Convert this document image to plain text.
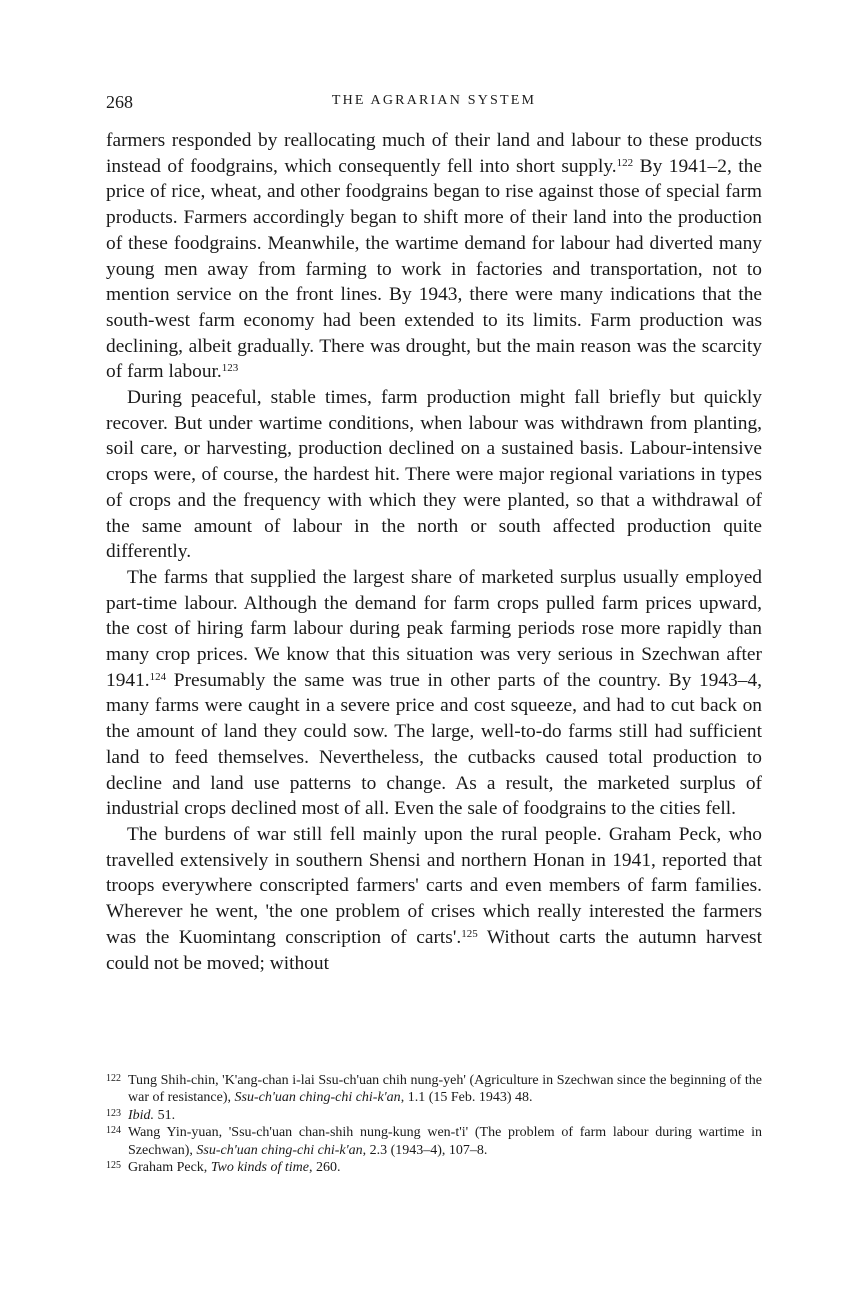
268	THE AGRARIAN SYSTEM

farmers responded by reallocating much of their land and labour to these products instead of foodgrains, which consequently fell into short supply.$^{122}$ By 1941–2, the price of rice, wheat, and other foodgrains began to rise against those of special farm products. Farmers accordingly began to shift more of their land into the production of these foodgrains. Meanwhile, the wartime demand for labour had diverted many young men away from farming to work in factories and transportation, not to mention service on the front lines. By 1943, there were many indications that the south-west farm economy had been extended to its limits. Farm production was declining, albeit gradually. There was drought, but the main reason was the scarcity of farm labour.$^{123}$

During peaceful, stable times, farm production might fall briefly but quickly recover. But under wartime conditions, when labour was withdrawn from planting, soil care, or harvesting, production declined on a sustained basis. Labour-intensive crops were, of course, the hardest hit. There were major regional variations in types of crops and the frequency with which they were planted, so that a withdrawal of the same amount of labour in the north or south affected production quite differently.

The farms that supplied the largest share of marketed surplus usually employed part-time labour. Although the demand for farm crops pulled farm prices upward, the cost of hiring farm labour during peak farming periods rose more rapidly than many crop prices. We know that this situation was very serious in Szechwan after 1941.$^{124}$ Presumably the same was true in other parts of the country. By 1943–4, many farms were caught in a severe price and cost squeeze, and had to cut back on the amount of land they could sow. The large, well-to-do farms still had sufficient land to feed themselves. Nevertheless, the cutbacks caused total production to decline and land use patterns to change. As a result, the marketed surplus of industrial crops declined most of all. Even the sale of foodgrains to the cities fell.

The burdens of war still fell mainly upon the rural people. Graham Peck, who travelled extensively in southern Shensi and northern Honan in 1941, reported that troops everywhere conscripted farmers' carts and even members of farm families. Wherever he went, 'the one problem of crises which really interested the farmers was the Kuomintang conscription of carts'.$^{125}$ Without carts the autumn harvest could not be moved; without

122 Tung Shih-chin, 'K'ang-chan i-lai Ssu-ch'uan chih nung-yeh' (Agriculture in Szechwan since the beginning of the war of resistance), Ssu-ch'uan ching-chi chi-k'an, 1.1 (15 Feb. 1943) 48.

123 Ibid. 51.

124 Wang Yin-yuan, 'Ssu-ch'uan chan-shih nung-kung wen-t'i' (The problem of farm labour during wartime in Szechwan), Ssu-ch'uan ching-chi chi-k'an, 2.3 (1943–4), 107–8.

125 Graham Peck, Two kinds of time, 260.
